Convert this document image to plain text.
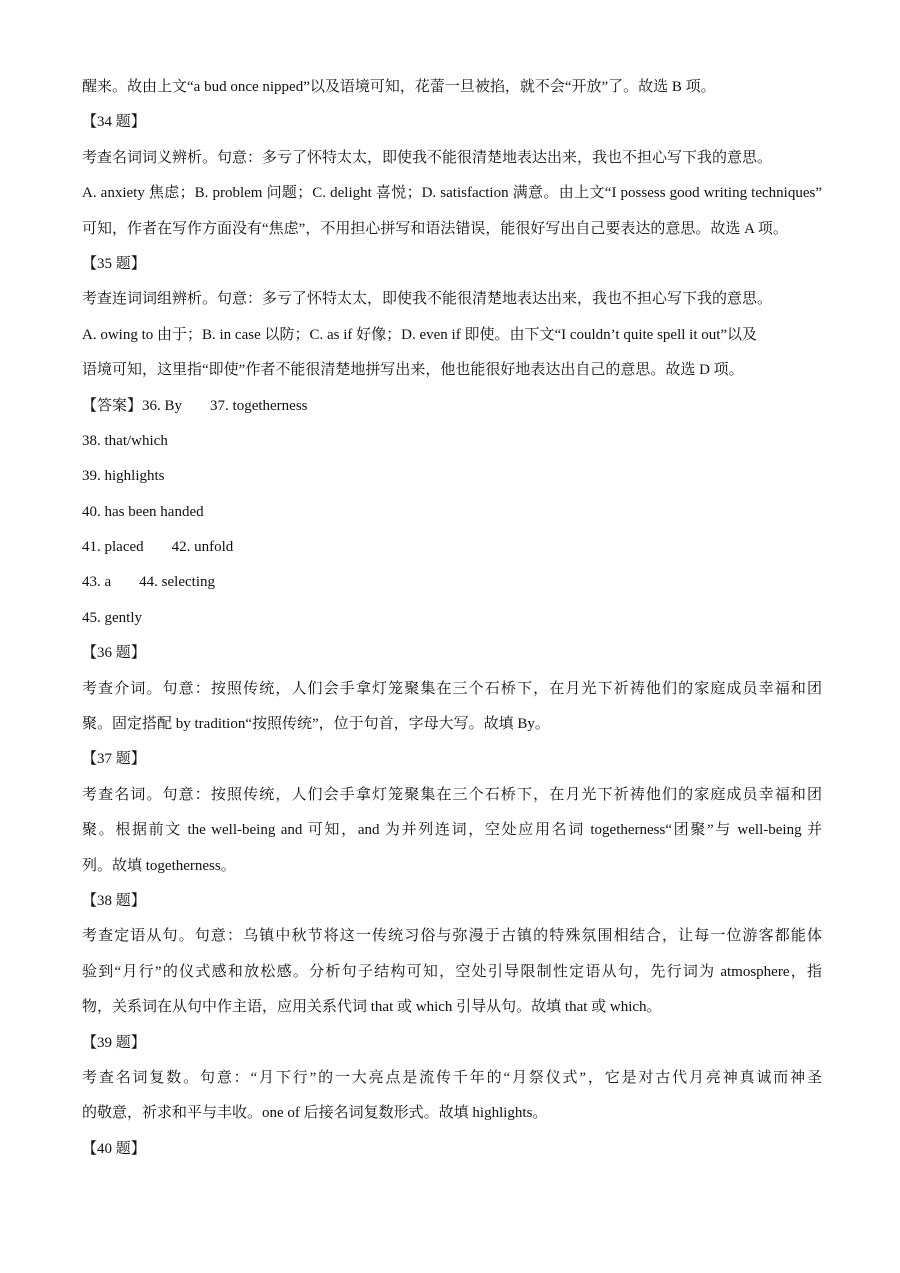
醒来。故由上文“a bud once nipped”以及语境可知，花蕾一旦被掐，就不会“开放”了。故选 B 项。
【34 题】
考查名词词义辨析。句意：多亏了怀特太太，即使我不能很清楚地表达出来，我也不担心写下我的意思。
A. anxiety 焦虑；B. problem 问题；C. delight 喜悦；D. satisfaction 满意。由上文“I possess good writing techniques”
可知，作者在写作方面没有“焦虑”，不用担心拼写和语法错误，能很好写出自己要表达的意思。故选 A 项。
【35 题】
考查连词词组辨析。句意：多亏了怀特太太，即使我不能很清楚地表达出来，我也不担心写下我的意思。
A. owing to 由于；B. in case 以防；C. as if 好像；D. even if 即使。由下文“I couldn’t quite spell it out”以及
语境可知，这里指“即使”作者不能很清楚地拼写出来，他也能很好地表达出自己的意思。故选 D 项。
【答案】36. By 37. togetherness
38. that/which
39. highlights
40. has been handed
41. placed 42. unfold
43. a 44. selecting
45. gently
【36 题】
考查介词。句意：按照传统，人们会手拿灯笼聚集在三个石桥下，在月光下祈祷他们的家庭成员幸福和团
聚。固定搭配 by tradition“按照传统”，位于句首，字母大写。故填 By。
【37 题】
考查名词。句意：按照传统，人们会手拿灯笼聚集在三个石桥下，在月光下祈祷他们的家庭成员幸福和团
聚。根据前文 the well-being and 可知，and 为并列连词，空处应用名词 togetherness“团聚”与 well-being 并
列。故填 togetherness。
【38 题】
考查定语从句。句意：乌镇中秋节将这一传统习俗与弥漫于古镇的特殊氛围相结合，让每一位游客都能体
验到“月行”的仪式感和放松感。分析句子结构可知，空处引导限制性定语从句，先行词为 atmosphere，指
物，关系词在从句中作主语，应用关系代词 that 或 which 引导从句。故填 that 或 which。
【39 题】
考查名词复数。句意：“月下行”的一大亮点是流传千年的“月祭仪式”，它是对古代月亮神真诚而神圣
的敬意，祈求和平与丰收。one of 后接名词复数形式。故填 highlights。
【40 题】
